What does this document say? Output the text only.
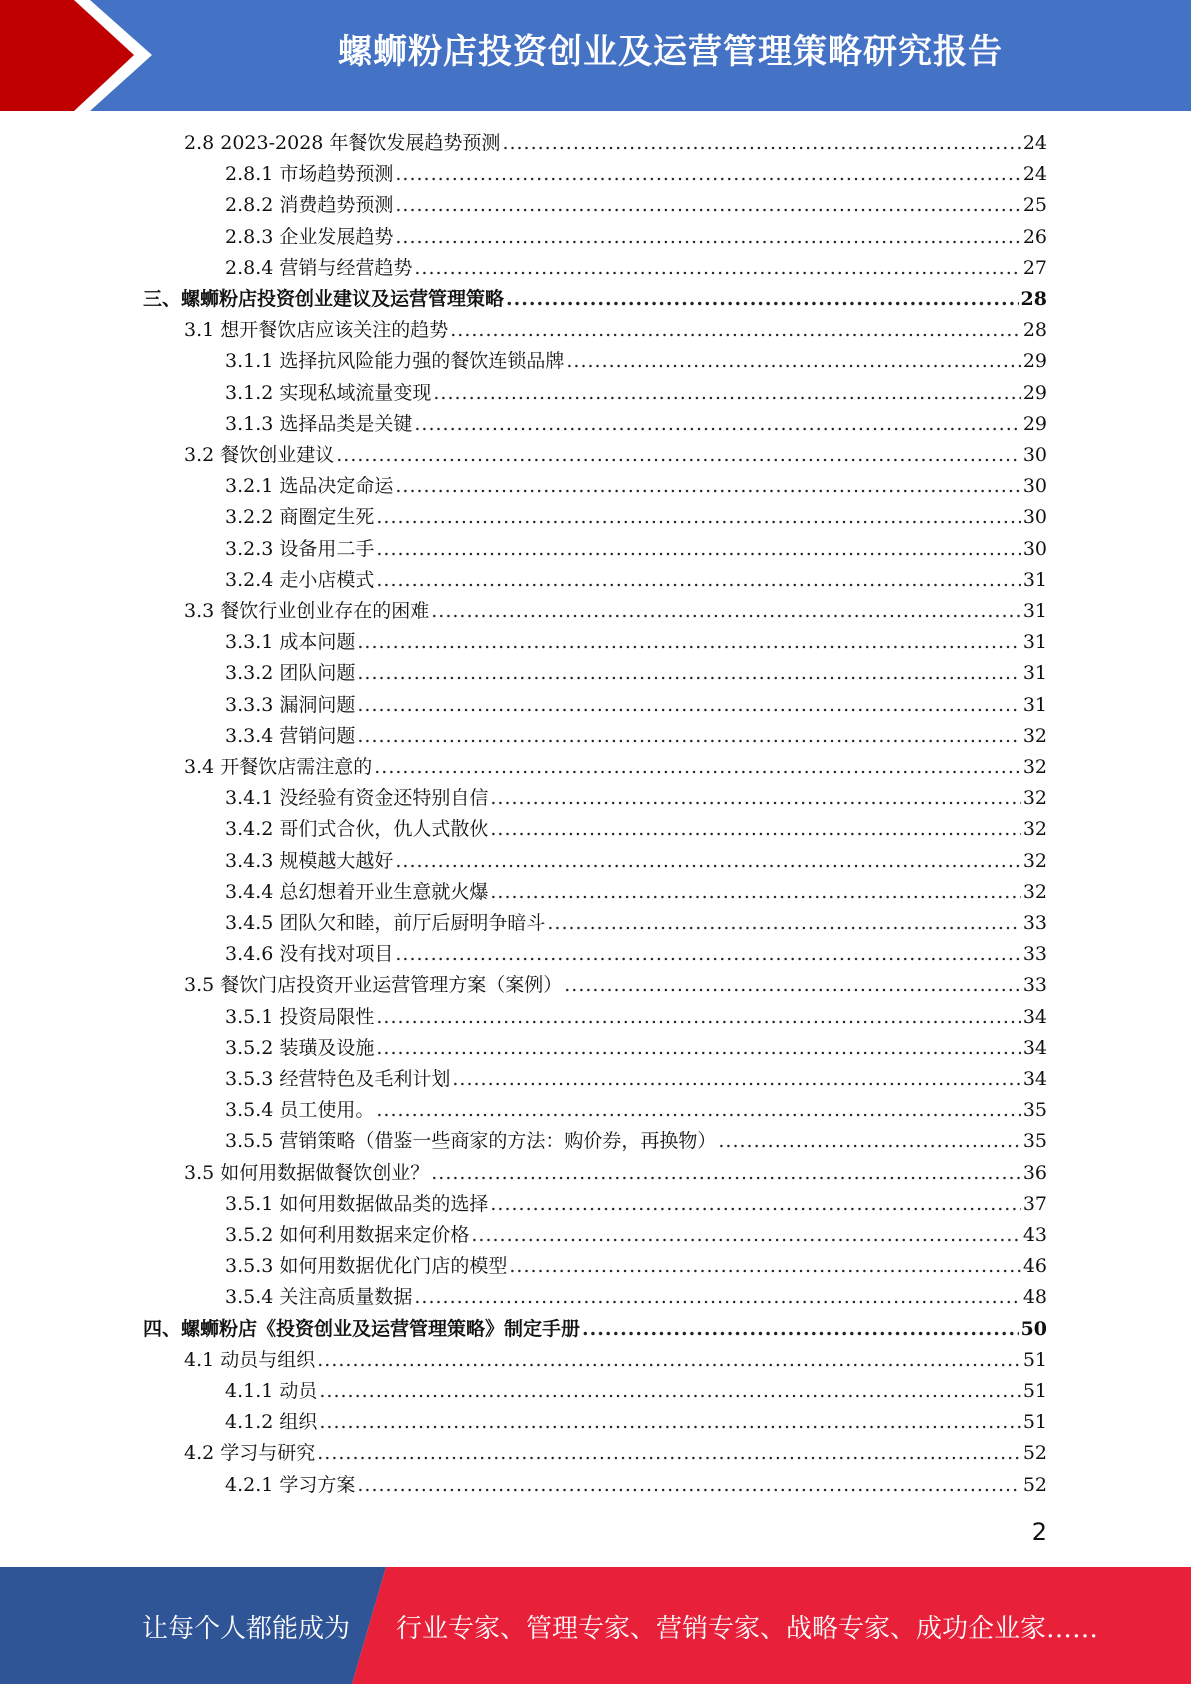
螺蛳粉店投资创业及运营管理策略研究报告
2.8 2023-2028 年餐饮发展趋势预测 .....	24
2.8.1 市场趋势预测 .....	24
2.8.2 消费趋势预测 .....	25
2.8.3 企业发展趋势 .....	26
2.8.4 营销与经营趋势 .....	27
三、螺蛳粉店投资创业建议及运营管理策略 .....	28
3.1 想开餐饮店应该关注的趋势 .....	28
3.1.1 选择抗风险能力强的餐饮连锁品牌 .....	29
3.1.2 实现私域流量变现 .....	29
3.1.3 选择品类是关键 .....	29
3.2 餐饮创业建议 .....	30
3.2.1 选品决定命运 .....	30
3.2.2 商圈定生死 .....	30
3.2.3 设备用二手 .....	30
3.2.4 走小店模式 .....	31
3.3 餐饮行业创业存在的困难 .....	31
3.3.1 成本问题 .....	31
3.3.2 团队问题 .....	31
3.3.3 漏洞问题 .....	31
3.3.4 营销问题 .....	32
3.4 开餐饮店需注意的 .....	32
3.4.1 没经验有资金还特别自信 .....	32
3.4.2 哥们式合伙，仇人式散伙 .....	32
3.4.3 规模越大越好 .....	32
3.4.4 总幻想着开业生意就火爆 .....	32
3.4.5 团队欠和睦，前厅后厨明争暗斗 .....	33
3.4.6 没有找对项目 .....	33
3.5 餐饮门店投资开业运营管理方案（案例） .....	33
3.5.1 投资局限性 .....	34
3.5.2 装璜及设施 .....	34
3.5.3 经营特色及毛利计划 .....	34
3.5.4 员工使用。 .....	35
3.5.5 营销策略（借鉴一些商家的方法：购价券，再换物） .....	35
3.5 如何用数据做餐饮创业？ .....	36
3.5.1 如何用数据做品类的选择 .....	37
3.5.2 如何利用数据来定价格 .....	43
3.5.3 如何用数据优化门店的模型 .....	46
3.5.4 关注高质量数据 .....	48
四、螺蛳粉店《投资创业及运营管理策略》制定手册 .....	50
4.1 动员与组织 .....	51
4.1.1 动员 .....	51
4.1.2 组织 .....	51
4.2 学习与研究 .....	52
4.2.1 学习方案 .....	52
2
让每个人都能成为 行业专家、管理专家、营销专家、战略专家、成功企业家……
